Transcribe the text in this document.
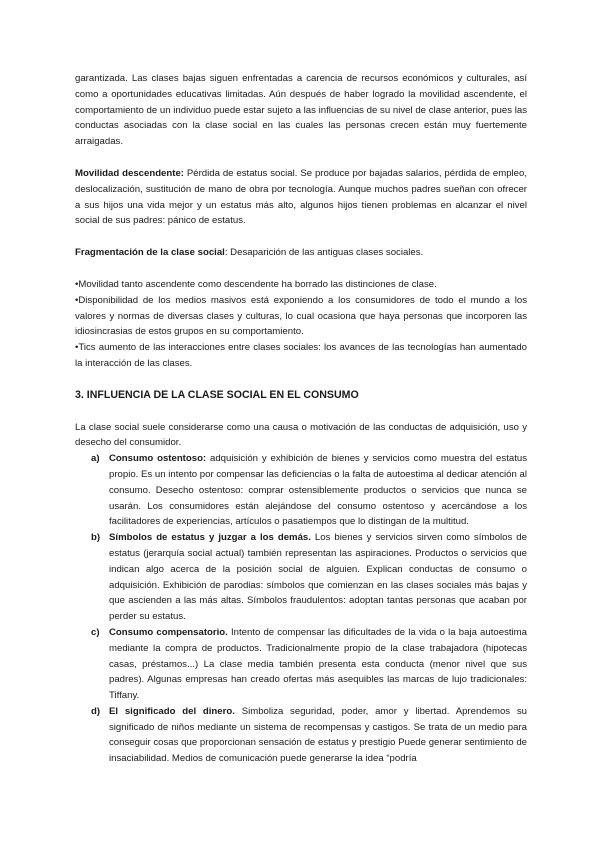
garantizada. Las clases bajas siguen enfrentadas a carencia de recursos económicos y culturales, así como a oportunidades educativas limitadas. Aún después de haber logrado la movilidad ascendente, el comportamiento de un individuo puede estar sujeto a las influencias de su nivel de clase anterior, pues las conductas asociadas con la clase social en las cuales las personas crecen están muy fuertemente arraigadas.

Movilidad descendente: Pérdida de estatus social. Se produce por bajadas salarios, pérdida de empleo, deslocalización, sustitución de mano de obra por tecnología. Aunque muchos padres sueñan con ofrecer a sus hijos una vida mejor y un estatus más alto, algunos hijos tienen problemas en alcanzar el nivel social de sus padres: pánico de estatus.

Fragmentación de la clase social: Desaparición de las antiguas clases sociales.

•Movilidad tanto ascendente como descendente ha borrado las distinciones de clase.

•Disponibilidad de los medios masivos está exponiendo a los consumidores de todo el mundo a los valores y normas de diversas clases y culturas, lo cual ocasiona que haya personas que incorporen las idiosincrasias de estos grupos en su comportamiento.

•Tics aumento de las interacciones entre clases sociales: los avances de las tecnologías han aumentado la interacción de las clases.

3. INFLUENCIA DE LA CLASE SOCIAL EN EL CONSUMO

La clase social suele considerarse como una causa o motivación de las conductas de adquisición, uso y desecho del consumidor.

a) Consumo ostentoso: adquisición y exhibición de bienes y servicios como muestra del estatus propio. Es un intento por compensar las deficiencias o la falta de autoestima al dedicar atención al consumo. Desecho ostentoso: comprar ostensiblemente productos o servicios que nunca se usarán. Los consumidores están alejándose del consumo ostentoso y acercándose a los facilitadores de experiencias, artículos o pasatiempos que lo distingan de la multitud.
b) Símbolos de estatus y juzgar a los demás. Los bienes y servicios sirven como símbolos de estatus (jerarquía social actual) también representan las aspiraciones. Productos o servicios que indican algo acerca de la posición social de alguien. Explican conductas de consumo o adquisición. Exhibición de parodias: símbolos que comienzan en las clases sociales más bajas y que ascienden a las más altas. Símbolos fraudulentos: adoptan tantas personas que acaban por perder su estatus.
c) Consumo compensatorio. Intento de compensar las dificultades de la vida o la baja autoestima mediante la compra de productos. Tradicionalmente propio de la clase trabajadora (hipotecas casas, préstamos...) La clase media también presenta esta conducta (menor nivel que sus padres). Algunas empresas han creado ofertas más asequibles las marcas de lujo tradicionales: Tiffany.
d) El significado del dinero. Simboliza seguridad, poder, amor y libertad. Aprendemos su significado de niños mediante un sistema de recompensas y castigos. Se trata de un medio para conseguir cosas que proporcionan sensación de estatus y prestigio Puede generar sentimiento de insaciabilidad. Medios de comunicación puede generarse la idea “podría
